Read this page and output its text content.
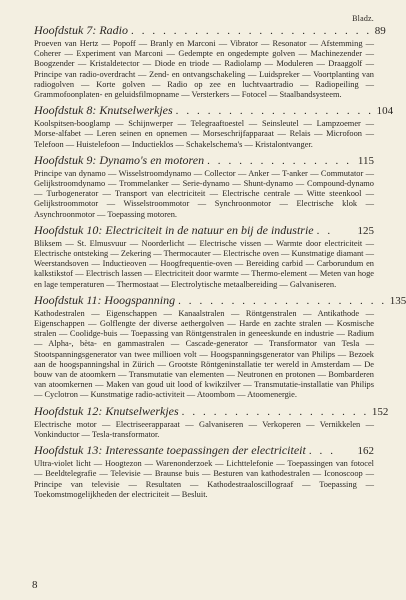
Bladz.
Hoofdstuk 7: Radio . . . . . . . . . . . . . . . . . . . . . . . 89
Proeven van Hertz — Popoff — Branly en Marconi — Vibrator — Resonator — Afstemming — Coherer — Experiment van Marconi — Gedempte en ongedempte golven — Machinezender — Boogzender — Kristaldetector — Diode en triode — Radiolamp — Moduleren — Draaggolf — Principe van radio-overdracht — Zend- en ontvangschakeling — Luidspreker — Voortplanting van radiogolven — Korte golven — Radio op zee en luchtvaartradio — Radiopeiling — Grammofoonplaten- en geluidsfilmopname — Versterkers — Fotocel — Staalbandsysteem.
Hoofdstuk 8: Knutselwerkjes . . . . . . . . . . . . . . . . . . . 104
Koolspitsen-booglamp — Schijnwerper — Telegraaftoestel — Seinsleutel — Lampzoemer — Morse-alfabet — Leren seinen en opnemen — Morseschrijfapparaat — Relais — Microfoon — Telefoon — Huistelefoon — Inductieklos — Schakelschema's — Kristalontvanger.
Hoofdstuk 9: Dynamo's en motoren . . . . . . . . . . . . . . 115
Principe van dynamo — Wisselstroomdynamo — Collector — Anker — T-anker — Commutator — Gelijkstroomdynamo — Trommelanker — Serie-dynamo — Shunt-dynamo — Compound-dynamo — Turbogenerator — Transport van electriciteit — Electrische centrale — Witte steenkool — Gelijkstroommotor — Wisselstroommotor — Synchroonmotor — Electrische klok — Asynchroonmotor — Toepassing motoren.
Hoofdstuk 10: Electriciteit in de natuur en bij de industrie . .	125
Bliksem — St. Elmusvuur — Noorderlicht — Electrische vissen — Warmte door electriciteit — Electrische ontsteking — Zekering — Thermocauter — Electrische oven — Kunstmatige diamant — Weerstandsoven — Inductieoven — Hoogfrequentie-oven — Bereiding carbid — Carborundum en kalkstikstof — Electrisch lassen — Electriciteit door warmte — Thermo-element — Meten van hoge en lage temperaturen — Thermostaat — Electrolytische metaalbereiding — Galvaniseren.
Hoofdstuk 11: Hoogspanning . . . . . . . . . . . . . . . . . . . . 135
Kathodestralen — Eigenschappen — Kanaalstralen — Röntgenstralen — Antikathode — Eigenschappen — Golflengte der diverse aethergolven — Harde en zachte stralen — Kosmische stralen — Coolidge-buis — Toepassing van Röntgenstralen in geneeskunde en industrie — Radium — Alpha-, bèta- en gammastralen — Cascade-generator — Transformator van Tesla — Stootspanningsgenerator van twee millioen volt — Hoogspanningsgenerator van Philips — Bezoek aan de hoogspanningshal in Zürich — Grootste Röntgeninstallatie ter wereld in Amsterdam — De bouw van de atoomkern — Transmutatie van elementen — Neutronen en protonen — Bombarderen van atoomkernen — Maken van goud uit lood of kwikzilver — Transmutatie-installatie van Philips — Cyclotron — Kunstmatige radio-activiteit — Atoombom — Atoomenergie.
Hoofdstuk 12: Knutselwerkjes . . . . . . . . . . . . . . . . . . 152
Electrische motor — Electriseerapparaat — Galvaniseren — Verkoperen — Vernikkelen — Vonkinductor — Tesla-transformator.
Hoofdstuk 13: Interessante toepassingen der electriciteit . . .	162
Ultra-violet licht — Hoogtezon — Warenonderzoek — Lichttelefonie — Toepassingen van fotocel — Beeldtelegrafie — Televisie — Braunse buis — Besturen van kathodestralen — Iconoscoop — Principe van televisie — Resultaten — Kathodestraaloscillograaf — Toepassing — Toekomstmogelijkheden der electriciteit — Besluit.
8
